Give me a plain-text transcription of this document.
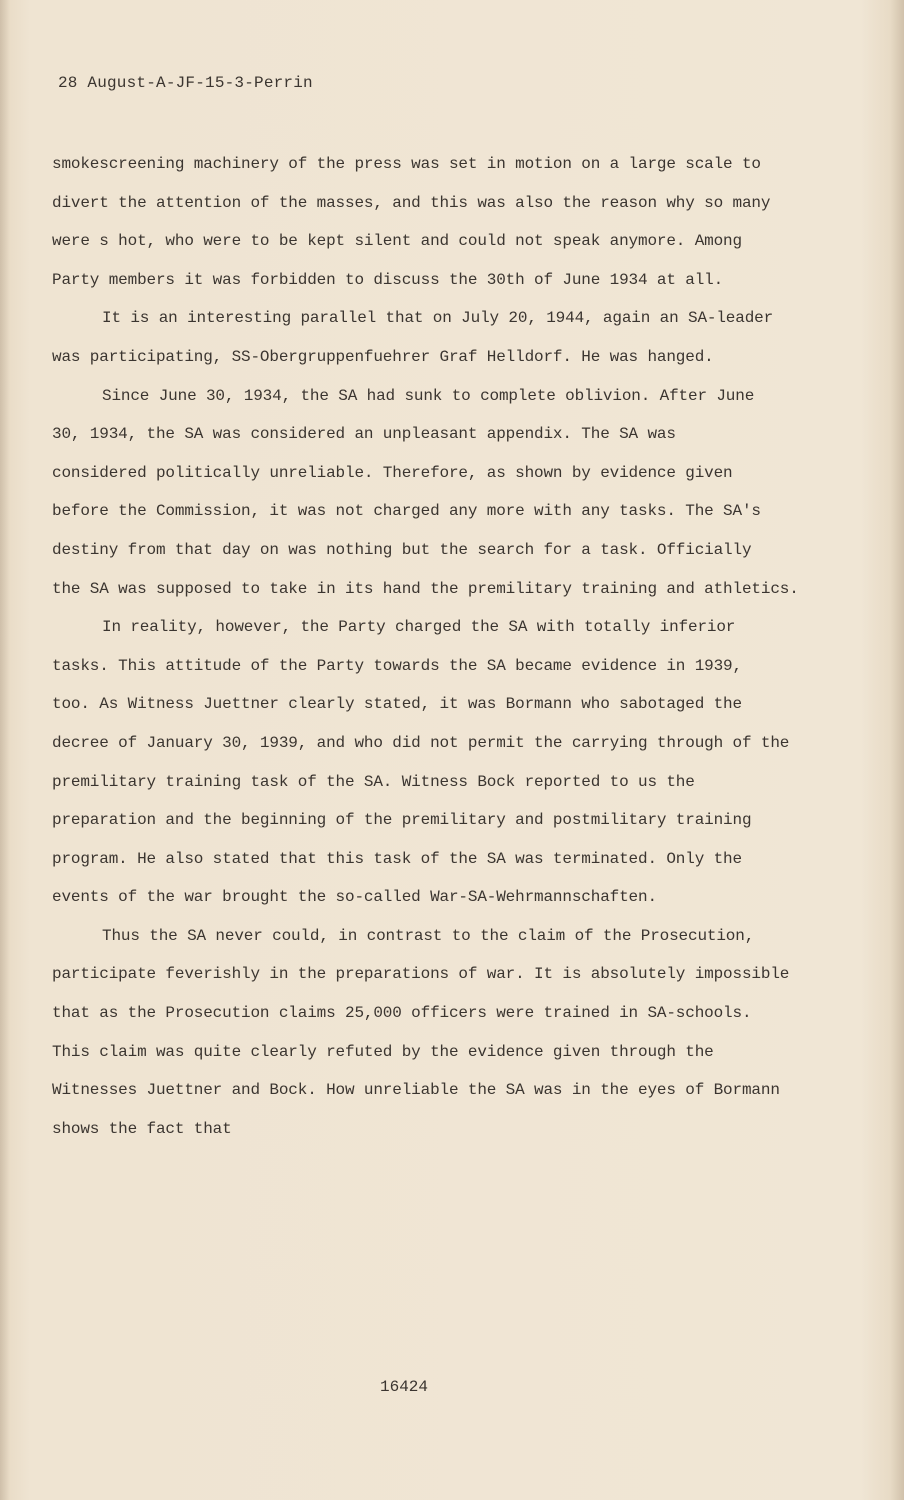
28 August-A-JF-15-3-Perrin
smokescreening machinery of the press was set in motion on a large scale to
divert the attention of the masses, and this was also the reason why so many
were s hot, who were to be kept silent and could not speak anymore. Among
Party members it was forbidden to discuss the 30th of June 1934 at all.
It is an interesting parallel that on July 20, 1944, again an SA-leader
was participating, SS-Obergruppenfuehrer Graf Helldorf. He was hanged.
Since June 30, 1934, the SA had sunk to complete oblivion. After June
30, 1934, the SA was considered an unpleasant appendix. The SA was
considered politically unreliable. Therefore, as shown by evidence given
before the Commission, it was not charged any more with any tasks. The SA's
destiny from that day on was nothing but the search for a task. Officially
the SA was supposed to take in its hand the premilitary training and athletics.
In reality, however, the Party charged the SA with totally inferior
tasks. This attitude of the Party towards the SA became evidence in 1939,
too. As Witness Juettner clearly stated, it was Bormann who sabotaged the
decree of January 30, 1939, and who did not permit the carrying through of the
premilitary training task of the SA. Witness Bock reported to us the
preparation and the beginning of the premilitary and postmilitary training
program. He also stated that this task of the SA was terminated. Only the
events of the war brought the so-called War-SA-Wehrmannschaften.
Thus the SA never could, in contrast to the claim of the Prosecution,
participate feverishly in the preparations of war. It is absolutely impossible
that as the Prosecution claims 25,000 officers were trained in SA-schools.
This claim was quite clearly refuted by the evidence given through the
Witnesses Juettner and Bock. How unreliable the SA was in the eyes of Bormann
shows the fact that
16424
